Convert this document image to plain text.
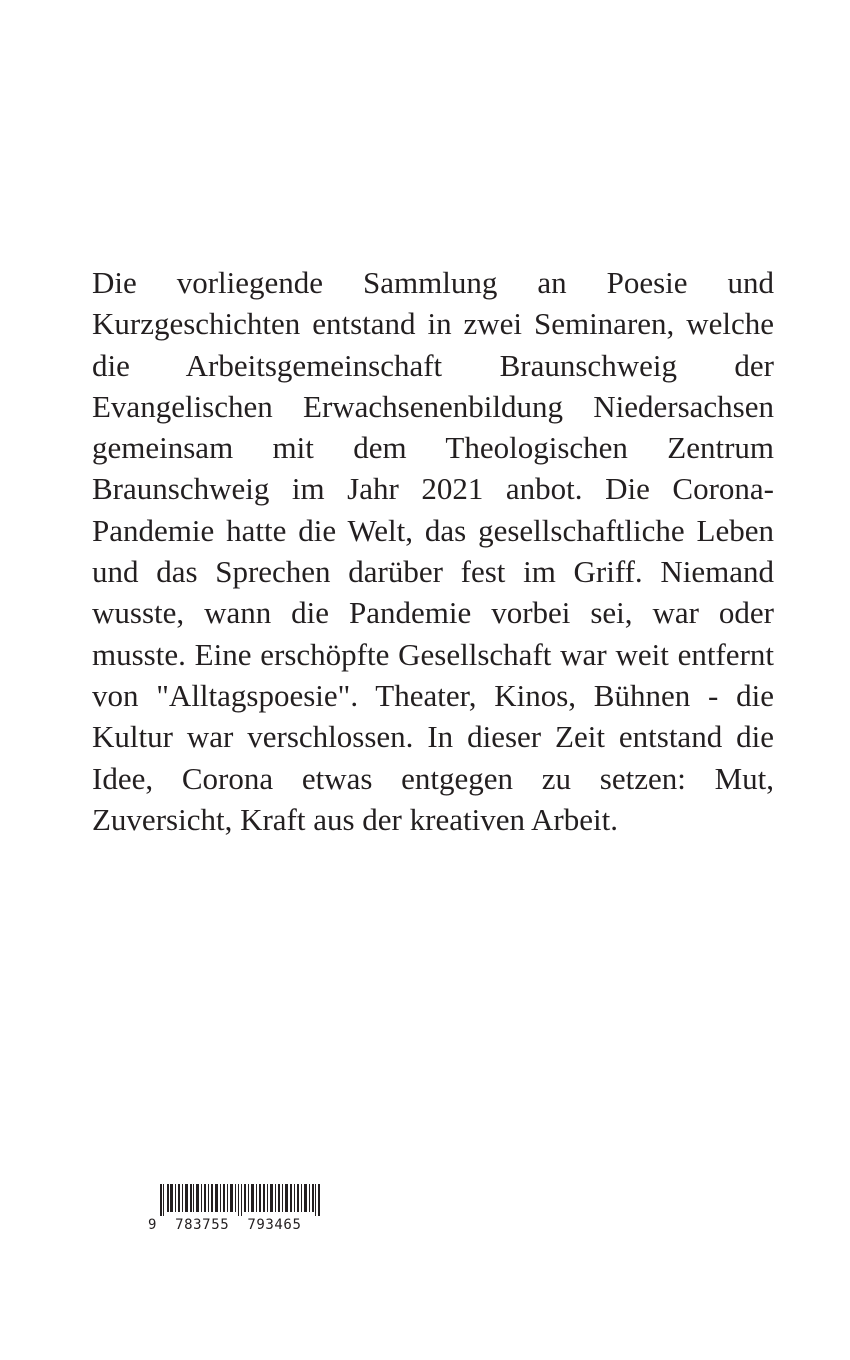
Die vorliegende Sammlung an Poesie und Kurzgeschichten entstand in zwei Seminaren, welche die Arbeitsgemeinschaft Braunschweig der Evangelischen Erwachsenenbildung Niedersachsen gemeinsam mit dem Theologischen Zentrum Braunschweig im Jahr 2021 anbot. Die Corona-Pandemie hatte die Welt, das gesellschaftliche Leben und das Sprechen darüber fest im Griff. Niemand wusste, wann die Pandemie vorbei sei, war oder musste. Eine erschöpfte Gesellschaft war weit entfernt von "Alltagspoesie". Theater, Kinos, Bühnen - die Kultur war verschlossen. In dieser Zeit entstand die Idee, Corona etwas entgegen zu setzen: Mut, Zuversicht, Kraft aus der kreativen Arbeit.

9  783755  793465
